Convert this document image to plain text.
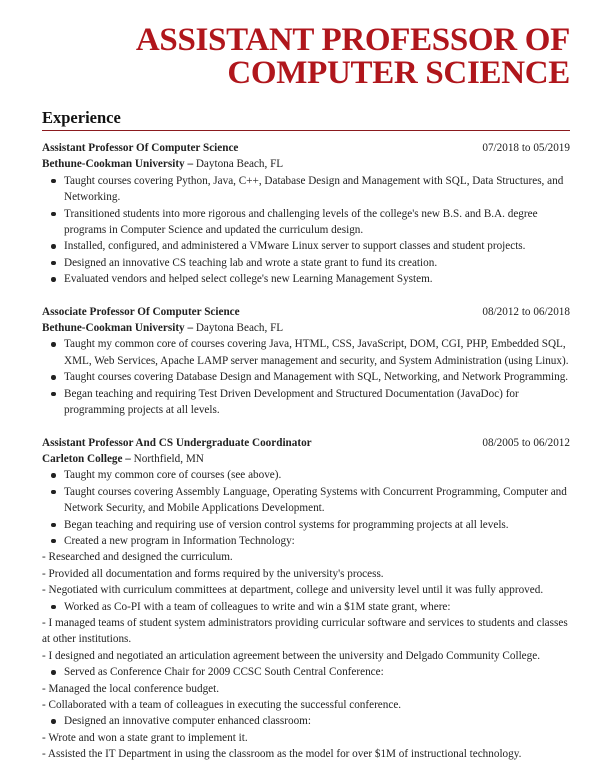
ASSISTANT PROFESSOR OF
COMPUTER SCIENCE
Experience
Assistant Professor Of Computer Science	07/2018 to 05/2019
Bethune-Cookman University – Daytona Beach, FL
Taught courses covering Python, Java, C++, Database Design and Management with SQL, Data Structures, and Networking.
Transitioned students into more rigorous and challenging levels of the college's new B.S. and B.A. degree programs in Computer Science and updated the curriculum design.
Installed, configured, and administered a VMware Linux server to support classes and student projects.
Designed an innovative CS teaching lab and wrote a state grant to fund its creation.
Evaluated vendors and helped select college's new Learning Management System.
Associate Professor Of Computer Science	08/2012 to 06/2018
Bethune-Cookman University – Daytona Beach, FL
Taught my common core of courses covering Java, HTML, CSS, JavaScript, DOM, CGI, PHP, Embedded SQL, XML, Web Services, Apache LAMP server management and security, and System Administration (using Linux).
Taught courses covering Database Design and Management with SQL, Networking, and Network Programming.
Began teaching and requiring Test Driven Development and Structured Documentation (JavaDoc) for programming projects at all levels.
Assistant Professor And CS Undergraduate Coordinator	08/2005 to 06/2012
Carleton College – Northfield, MN
Taught my common core of courses (see above).
Taught courses covering Assembly Language, Operating Systems with Concurrent Programming, Computer and Network Security, and Mobile Applications Development.
Began teaching and requiring use of version control systems for programming projects at all levels.
Created a new program in Information Technology:
- Researched and designed the curriculum.
- Provided all documentation and forms required by the university's process.
- Negotiated with curriculum committees at department, college and university level until it was fully approved.
Worked as Co-PI with a team of colleagues to write and win a $1M state grant, where:
- I managed teams of student system administrators providing curricular software and services to students and classes at other institutions.
- I designed and negotiated an articulation agreement between the university and Delgado Community College.
Served as Conference Chair for 2009 CCSC South Central Conference:
- Managed the local conference budget.
- Collaborated with a team of colleagues in executing the successful conference.
Designed an innovative computer enhanced classroom:
- Wrote and won a state grant to implement it.
- Assisted the IT Department in using the classroom as the model for over $1M of instructional technology.
